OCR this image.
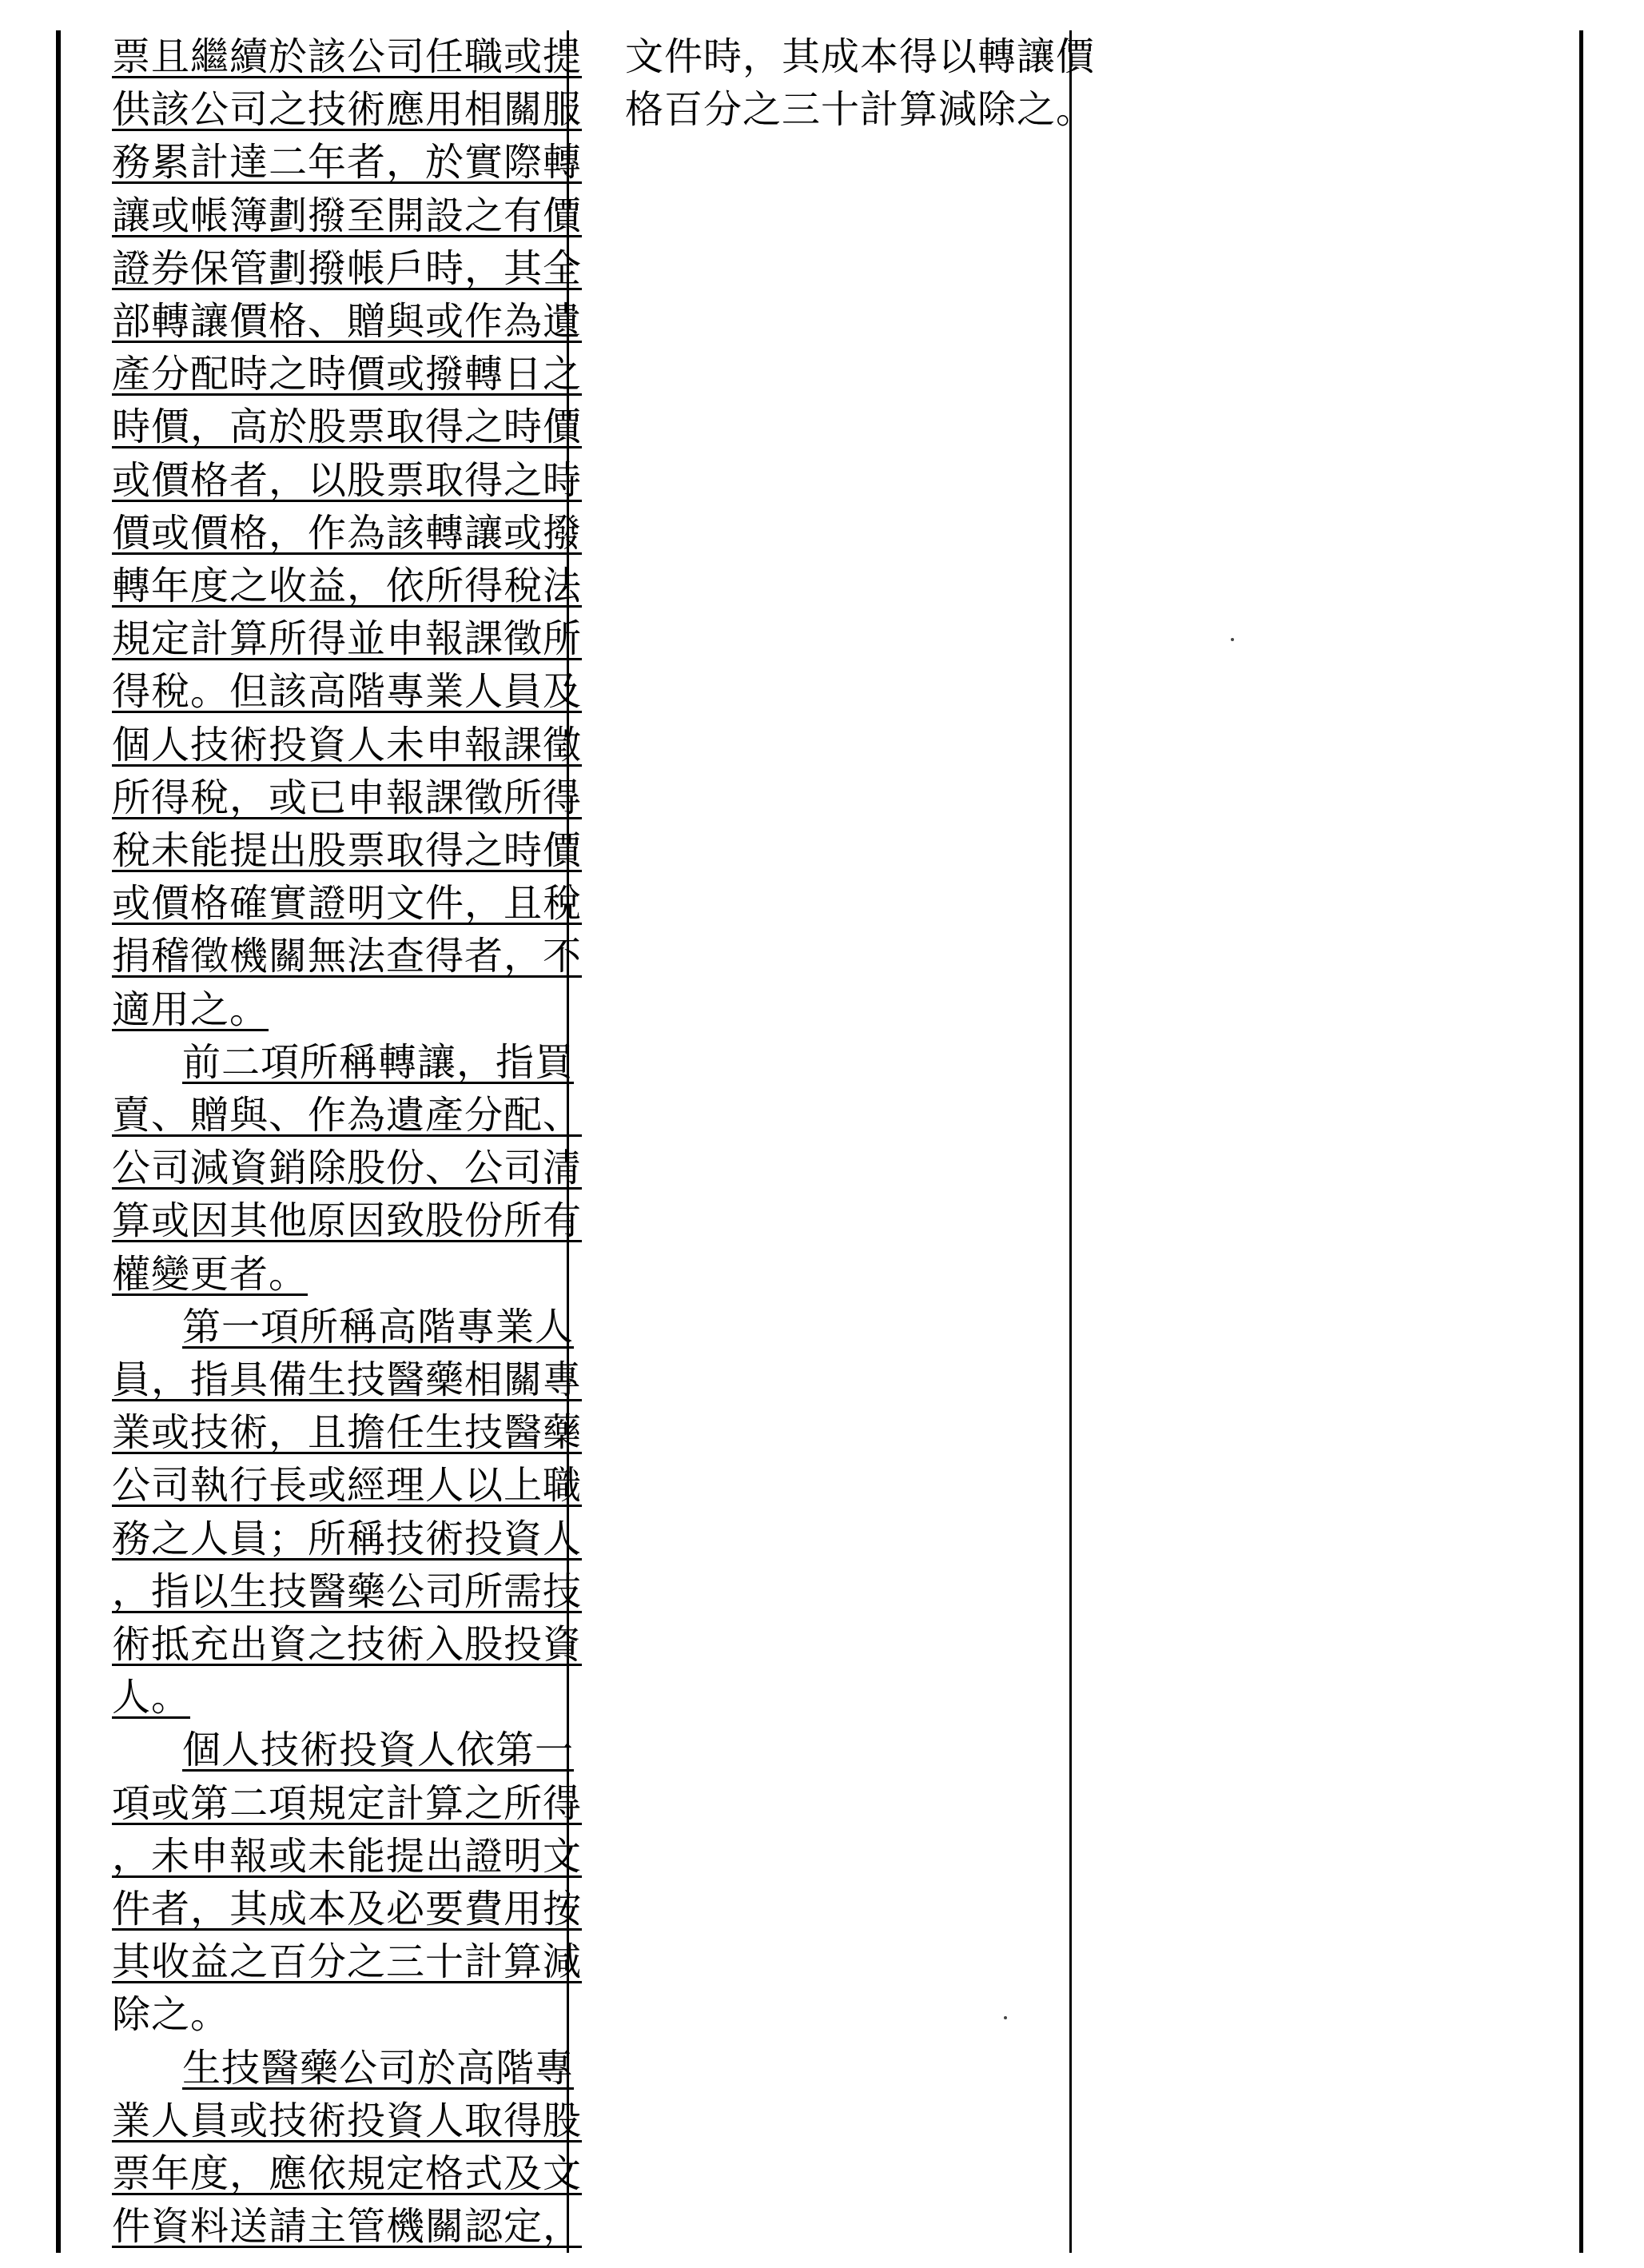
票且繼續於該公司任職或提
供該公司之技術應用相關服
務累計達二年者，於實際轉
讓或帳簿劃撥至開設之有價
證券保管劃撥帳戶時，其全
部轉讓價格、贈與或作為遺
產分配時之時價或撥轉日之
時價，高於股票取得之時價
或價格者，以股票取得之時
價或價格，作為該轉讓或撥
轉年度之收益，依所得稅法
規定計算所得並申報課徵所
得稅。但該高階專業人員及
個人技術投資人未申報課徵
所得稅，或已申報課徵所得
稅未能提出股票取得之時價
或價格確實證明文件，且稅
捐稽徵機關無法查得者，不
適用之。
前二項所稱轉讓，指買
賣、贈與、作為遺產分配、
公司減資銷除股份、公司清
算或因其他原因致股份所有
權變更者。
第一項所稱高階專業人
員，指具備生技醫藥相關專
業或技術，且擔任生技醫藥
公司執行長或經理人以上職
務之人員；所稱技術投資人
，指以生技醫藥公司所需技
術抵充出資之技術入股投資
人。
個人技術投資人依第一
項或第二項規定計算之所得
，未申報或未能提出證明文
件者，其成本及必要費用按
其收益之百分之三十計算減
除之。
生技醫藥公司於高階專
業人員或技術投資人取得股
票年度，應依規定格式及文
件資料送請主管機關認定，
文件時，其成本得以轉讓價
格百分之三十計算減除之。
